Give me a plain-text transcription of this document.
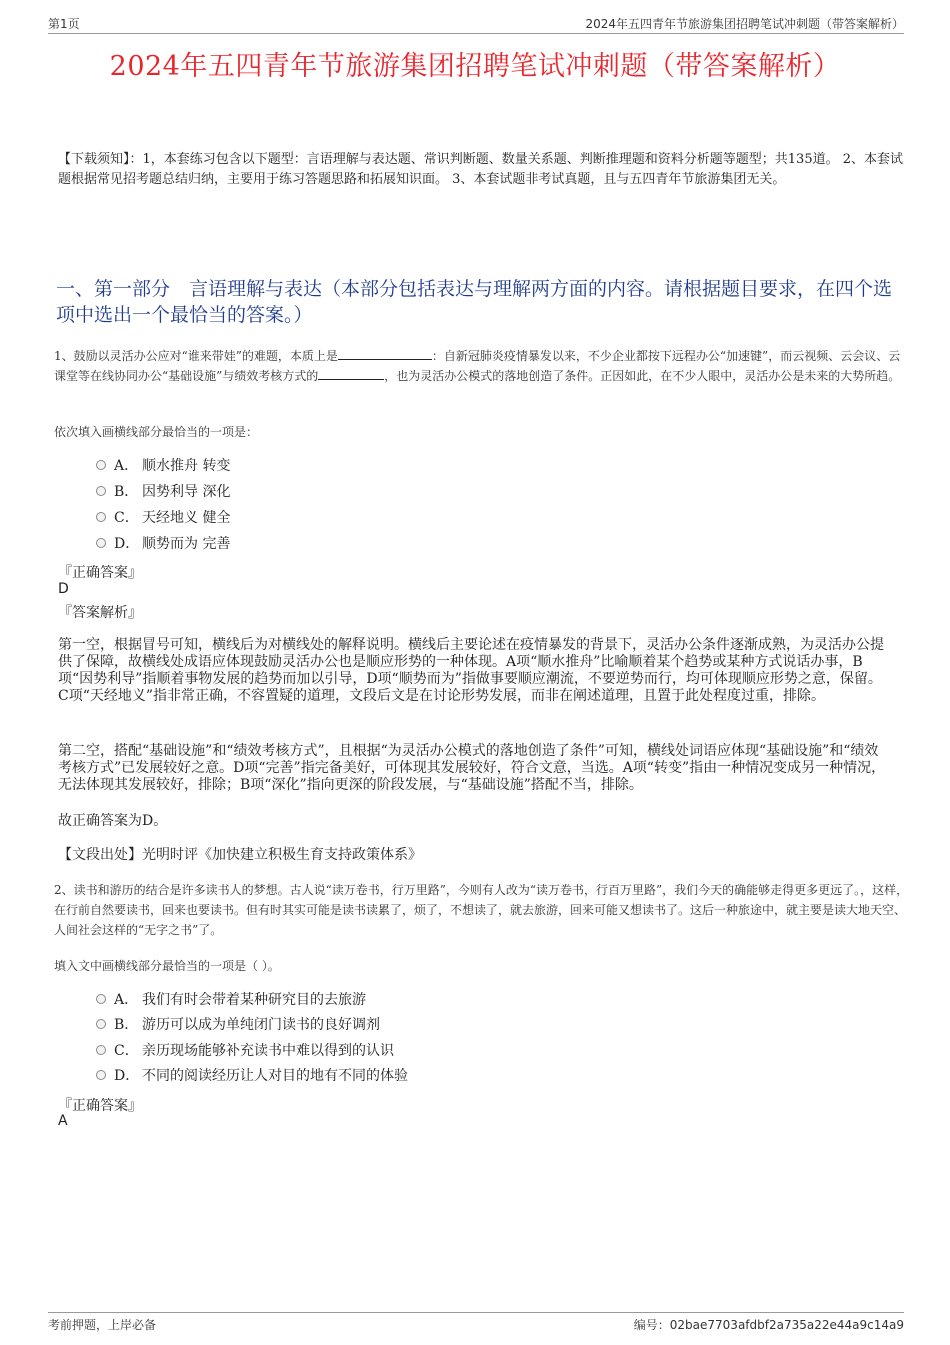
第1页	2024年五四青年节旅游集团招聘笔试冲刺题（带答案解析）
2024年五四青年节旅游集团招聘笔试冲刺题（带答案解析）
【下载须知】：1，本套练习包含以下题型：言语理解与表达题、常识判断题、数量关系题、判断推理题和资料分析题等题型；共135道。 2、本套试题根据常见招考题总结归纳，主要用于练习答题思路和拓展知识面。 3、本套试题非考试真题，且与五四青年节旅游集团无关。
一、第一部分　言语理解与表达（本部分包括表达与理解两方面的内容。请根据题目要求，在四个选项中选出一个最恰当的答案。）
1、鼓励以灵活办公应对“谁来带娃”的难题，本质上是	：自新冠肺炎疫情暴发以来，不少企业都按下远程办公“加速键”，而云视频、云会议、云课堂等在线协同办公“基础设施”与绩效考核方式的	，也为灵活办公模式的落地创造了条件。正因如此，在不少人眼中，灵活办公是未来的大势所趋。
依次填入画横线部分最恰当的一项是：
A． 顺水推舟 转变
B． 因势利导 深化
C． 天经地义 健全
D． 顺势而为 完善
『正确答案』
D
『答案解析』
第一空，根据冒号可知，横线后为对横线处的解释说明。横线后主要论述在疫情暴发的背景下，灵活办公条件逐渐成熟，为灵活办公提供了保障，故横线处成语应体现鼓励灵活办公也是顺应形势的一种体现。A项“顺水推舟”比喻顺着某个趋势或某种方式说话办事，B项“因势利导”指顺着事物发展的趋势而加以引导，D项“顺势而为”指做事要顺应潮流，不要逆势而行，均可体现顺应形势之意，保留。C项“天经地义”指非常正确，不容置疑的道理，文段后文是在讨论形势发展，而非在阐述道理，且置于此处程度过重，排除。
第二空，搭配“基础设施”和“绩效考核方式”，且根据“为灵活办公模式的落地创造了条件”可知，横线处词语应体现“基础设施”和“绩效考核方式”已发展较好之意。D项“完善”指完备美好，可体现其发展较好，符合文意，当选。A项“转变”指由一种情况变成另一种情况，无法体现其发展较好，排除；B项“深化”指向更深的阶段发展，与“基础设施”搭配不当，排除。
故正确答案为D。
【文段出处】光明时评《加快建立积极生育支持政策体系》
2、读书和游历的结合是许多读书人的梦想。古人说“读万卷书，行万里路”，今则有人改为“读万卷书，行百万里路”，我们今天的确能够走得更多更远了。，这样，在行前自然要读书，回来也要读书。但有时其实可能是读书读累了，烦了，不想读了，就去旅游，回来可能又想读书了。这后一种旅途中，就主要是读大地天空、人间社会这样的“无字之书”了。
填入文中画横线部分最恰当的一项是（ ）。
A． 我们有时会带着某种研究目的去旅游
B． 游历可以成为单纯闭门读书的良好调剂
C． 亲历现场能够补充读书中难以得到的认识
D． 不同的阅读经历让人对目的地有不同的体验
『正确答案』
A
考前押题，上岸必备	编号：02bae7703afdbf2a735a22e44a9c14a9
